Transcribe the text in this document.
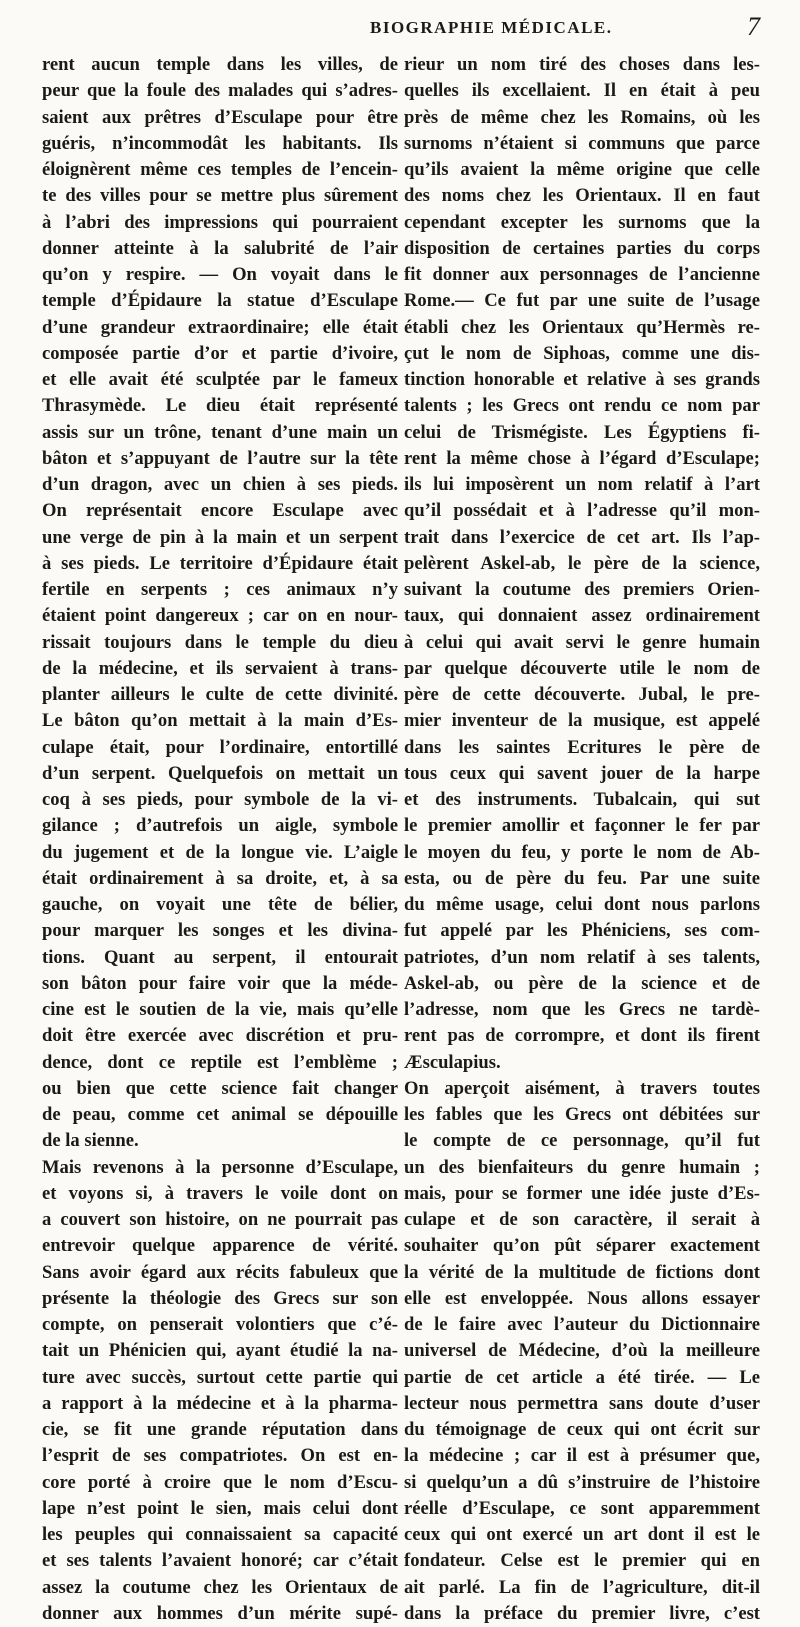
BIOGRAPHIE MÉDICALE.	7
rent aucun temple dans les villes, de
peur que la foule des malades qui s’adres-
saient aux prêtres d’Esculape pour être
guéris, n’incommodât les habitants. Ils
éloignèrent même ces temples de l’encein-
te des villes pour se mettre plus sûrement
à l’abri des impressions qui pourraient
donner atteinte à la salubrité de l’air
qu’on y respire. — On voyait dans le
temple d’Épidaure la statue d’Esculape
d’une grandeur extraordinaire; elle était
composée partie d’or et partie d’ivoire,
et elle avait été sculptée par le fameux
Thrasymède. Le dieu était représenté
assis sur un trône, tenant d’une main un
bâton et s’appuyant de l’autre sur la tête
d’un dragon, avec un chien à ses pieds.
On représentait encore Esculape avec
une verge de pin à la main et un serpent
à ses pieds. Le territoire d’Épidaure était
fertile en serpents ; ces animaux n’y
étaient point dangereux ; car on en nour-
rissait toujours dans le temple du dieu
de la médecine, et ils servaient à trans-
planter ailleurs le culte de cette divinité.
Le bâton qu’on mettait à la main d’Es-
culape était, pour l’ordinaire, entortillé
d’un serpent. Quelquefois on mettait un
coq à ses pieds, pour symbole de la vi-
gilance ; d’autrefois un aigle, symbole
du jugement et de la longue vie. L’aigle
était ordinairement à sa droite, et, à sa
gauche, on voyait une tête de bélier,
pour marquer les songes et les divina-
tions. Quant au serpent, il entourait
son bâton pour faire voir que la méde-
cine est le soutien de la vie, mais qu’elle
doit être exercée avec discrétion et pru-
dence, dont ce reptile est l’emblème ;
ou bien que cette science fait changer
de peau, comme cet animal se dépouille
de la sienne.
Mais revenons à la personne d’Esculape,
et voyons si, à travers le voile dont on
a couvert son histoire, on ne pourrait pas
entrevoir quelque apparence de vérité.
Sans avoir égard aux récits fabuleux que
présente la théologie des Grecs sur son
compte, on penserait volontiers que c’é-
tait un Phénicien qui, ayant étudié la na-
ture avec succès, surtout cette partie qui
a rapport à la médecine et à la pharma-
cie, se fit une grande réputation dans
l’esprit de ses compatriotes. On est en-
core porté à croire que le nom d’Escu-
lape n’est point le sien, mais celui dont
les peuples qui connaissaient sa capacité
et ses talents l’avaient honoré; car c’était
assez la coutume chez les Orientaux de
donner aux hommes d’un mérite supé-
rieur un nom tiré des choses dans les-
quelles ils excellaient. Il en était à peu
près de même chez les Romains, où les
surnoms n’étaient si communs que parce
qu’ils avaient la même origine que celle
des noms chez les Orientaux. Il en faut
cependant excepter les surnoms que la
disposition de certaines parties du corps
fit donner aux personnages de l’ancienne
Rome.— Ce fut par une suite de l’usage
établi chez les Orientaux qu’Hermès re-
çut le nom de Siphoas, comme une dis-
tinction honorable et relative à ses grands
talents ; les Grecs ont rendu ce nom par
celui de Trismégiste. Les Égyptiens fi-
rent la même chose à l’égard d’Esculape;
ils lui imposèrent un nom relatif à l’art
qu’il possédait et à l’adresse qu’il mon-
trait dans l’exercice de cet art. Ils l’ap-
pelèrent Askel-ab, le père de la science,
suivant la coutume des premiers Orien-
taux, qui donnaient assez ordinairement
à celui qui avait servi le genre humain
par quelque découverte utile le nom de
père de cette découverte. Jubal, le pre-
mier inventeur de la musique, est appelé
dans les saintes Ecritures le père de
tous ceux qui savent jouer de la harpe
et des instruments. Tubalcain, qui sut
le premier amollir et façonner le fer par
le moyen du feu, y porte le nom de Ab-
esta, ou de père du feu. Par une suite
du même usage, celui dont nous parlons
fut appelé par les Phéniciens, ses com-
patriotes, d’un nom relatif à ses talents,
Askel-ab, ou père de la science et de
l’adresse, nom que les Grecs ne tardè-
rent pas de corrompre, et dont ils firent
Æsculapius.
On aperçoit aisément, à travers toutes
les fables que les Grecs ont débitées sur
le compte de ce personnage, qu’il fut
un des bienfaiteurs du genre humain ;
mais, pour se former une idée juste d’Es-
culape et de son caractère, il serait à
souhaiter qu’on pût séparer exactement
la vérité de la multitude de fictions dont
elle est enveloppée. Nous allons essayer
de le faire avec l’auteur du Dictionnaire
universel de Médecine, d’où la meilleure
partie de cet article a été tirée. — Le
lecteur nous permettra sans doute d’user
du témoignage de ceux qui ont écrit sur
la médecine ; car il est à présumer que,
si quelqu’un a dû s’instruire de l’histoire
réelle d’Esculape, ce sont apparemment
ceux qui ont exercé un art dont il est le
fondateur. Celse est le premier qui en
ait parlé. La fin de l’agriculture, dit-il
dans la préface du premier livre, c’est
